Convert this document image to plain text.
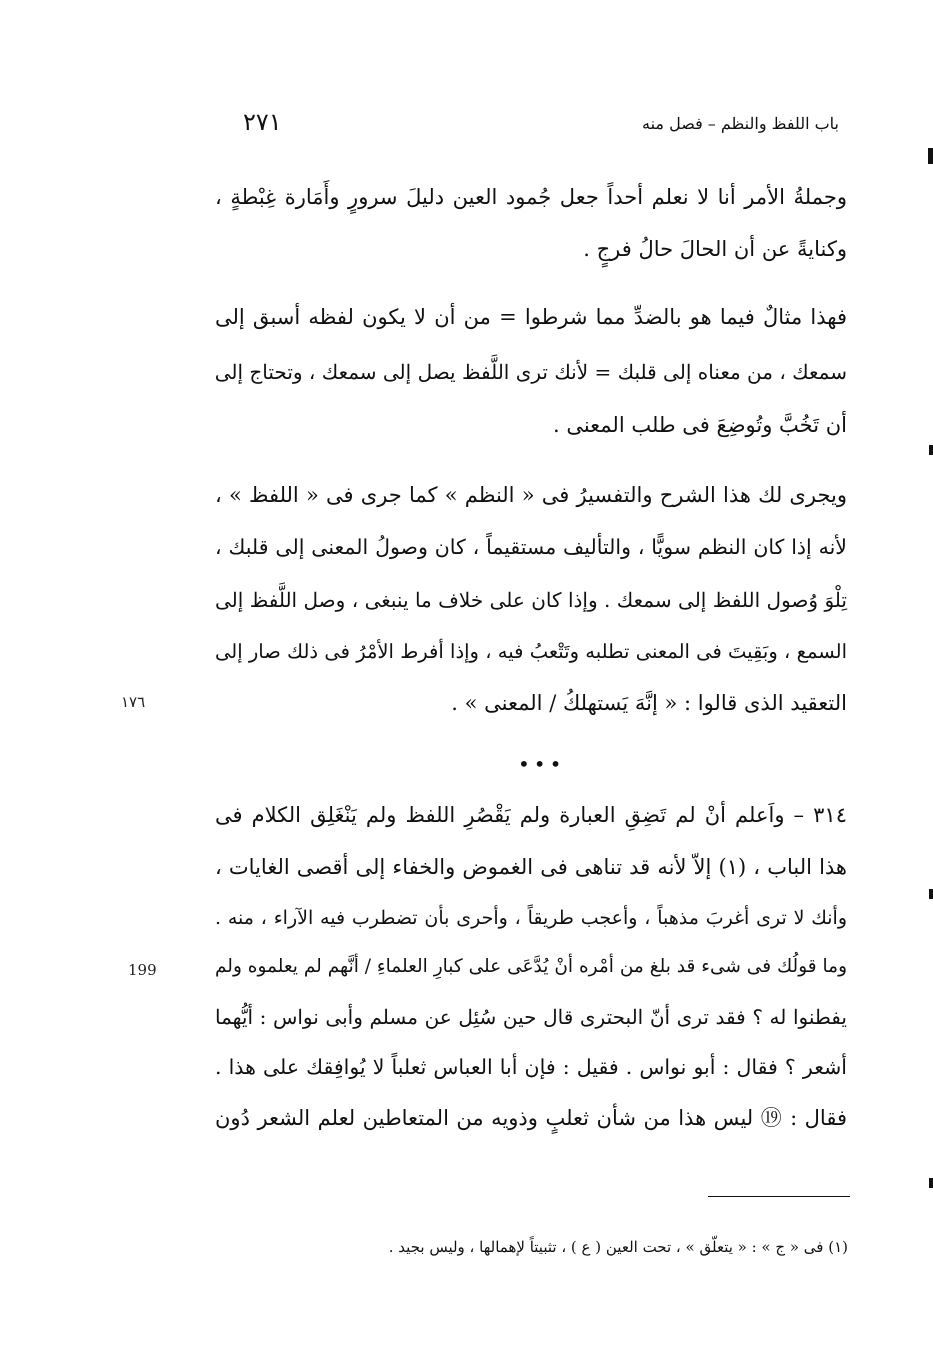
٢٧١	باب اللفظ والنظم – فصل منه
وجملةُ الأمر أنا لا نعلم أحداً جعل جُمود العين دليلَ سرورٍ وأَمَارة غِبْطةٍ ،
وكنايةً عن أن الحالَ حالُ فرجٍ .
فهذا مثالٌ فيما هو بالضدِّ مما شرطوا = من أن لا يكون لفظه أسبق إلى
سمعك ، من معناه إلى قلبك = لأنك ترى اللَّفظ يصل إلى سمعك ، وتحتاج إلى
أن تَخُبَّ وتُوضِعَ فى طلب المعنى .
ويجرى لك هذا الشرح والتفسيرُ فى « النظم » كما جرى فى « اللفظ » ،
لأنه إذا كان النظم سويًّا ، والتأليف مستقيماً ، كان وصولُ المعنى إلى قلبك ،
تِلْوَ وُصول اللفظ إلى سمعك . وإذا كان على خلاف ما ينبغى ، وصل اللَّفظ إلى
السمع ، وبَقِيتَ فى المعنى تطلبه وتَتْعبُ فيه ، وإذا أفرط الأمْرُ فى ذلك صار إلى
التعقيد الذى قالوا : « إنَّهَ يَستهلكُ / المعنى » .
•••
٣١٤ – واَعلم أنْ لم تَضِقِ العبارة ولم يَقْصُرِ اللفظ ولم يَنْغَلِق الكلام فى
هذا الباب ، (١) إلاّ لأنه قد تناهى فى الغموض والخفاء إلى أقصى الغايات ،
وأنك لا ترى أغربَ مذهباً ، وأعجب طريقاً ، وأحرى بأن تضطرب فيه الآراء ، منه .
وما قولُك فى شىء قد بلغ من أمْره أنْ يُدَّعَى على كبارِ العلماءِ / أنَّهم لم يعلموه ولم
يفطنوا له ؟ فقد ترى أنّ البحترى قال حين سُئِل عن مسلم وأبى نواس : أيُّهما
أشعر ؟ فقال : أبو نواس . فقيل : فإن أبا العباس ثعلباً لا يُوافِقك على هذا .
فقال : ⑲ ليس هذا من شأن ثعلبٍ وذويه من المتعاطين لعلم الشعر دُون
١٧٦
199
(١) فى « ج » : « يتعلّق » ، تحت العين ( ع ) ، تثبيتاً لإهمالها ، وليس بجيد .
